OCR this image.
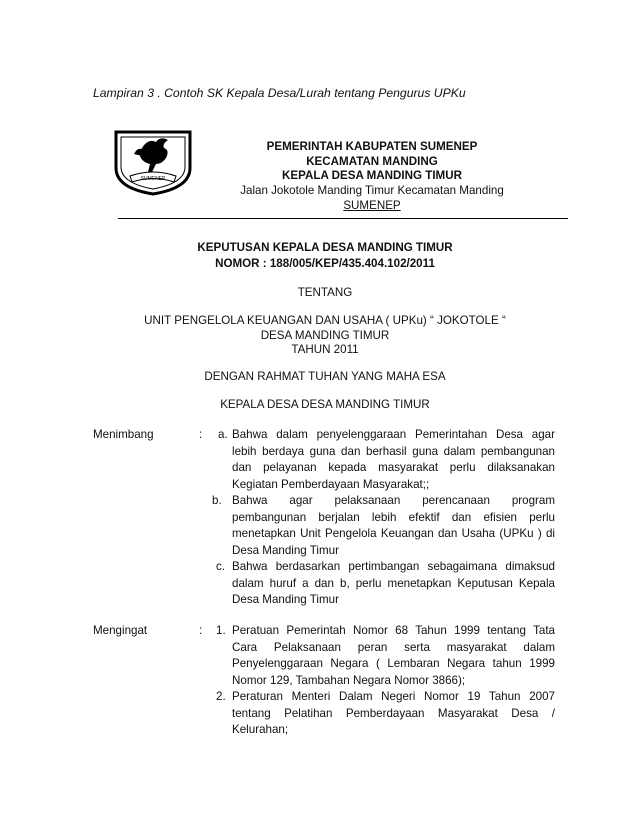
Lampiran 3 . Contoh SK Kepala Desa/Lurah tentang Pengurus UPKu
SUMENEP
PEMERINTAH KABUPATEN SUMENEP
KECAMATAN MANDING
KEPALA DESA MANDING TIMUR
Jalan Jokotole Manding Timur Kecamatan Manding
SUMENEP
KEPUTUSAN KEPALA DESA MANDING TIMUR
NOMOR : 188/005/KEP/435.404.102/2011
TENTANG
UNIT PENGELOLA KEUANGAN DAN USAHA ( UPKu) “ JOKOTOLE “
DESA MANDING TIMUR
TAHUN 2011
DENGAN RAHMAT TUHAN YANG MAHA ESA
KEPALA DESA DESA MANDING TIMUR
Menimbang	: a. Bahwa dalam penyelenggaraan Pemerintahan Desa agar
lebih berdaya guna dan berhasil guna dalam pembangunan
dan pelayanan kepada masyarakat perlu dilaksanakan
Kegiatan Pemberdayaan Masyarakat;;
b. Bahwa agar pelaksanaan perencanaan program
pembangunan berjalan lebih efektif dan efisien perlu
menetapkan Unit Pengelola Keuangan dan Usaha (UPKu ) di
Desa Manding Timur
c. Bahwa berdasarkan pertimbangan sebagaimana dimaksud
dalam huruf a dan b, perlu menetapkan Keputusan Kepala
Desa Manding Timur
Mengingat	: 1. Peratuan Pemerintah Nomor 68 Tahun 1999 tentang Tata
Cara Pelaksanaan peran serta masyarakat dalam
Penyelenggaraan Negara ( Lembaran Negara tahun 1999
Nomor 129, Tambahan Negara Nomor 3866);
2. Peraturan Menteri Dalam Negeri Nomor 19 Tahun 2007
tentang Pelatihan Pemberdayaan Masyarakat Desa /
Kelurahan;
